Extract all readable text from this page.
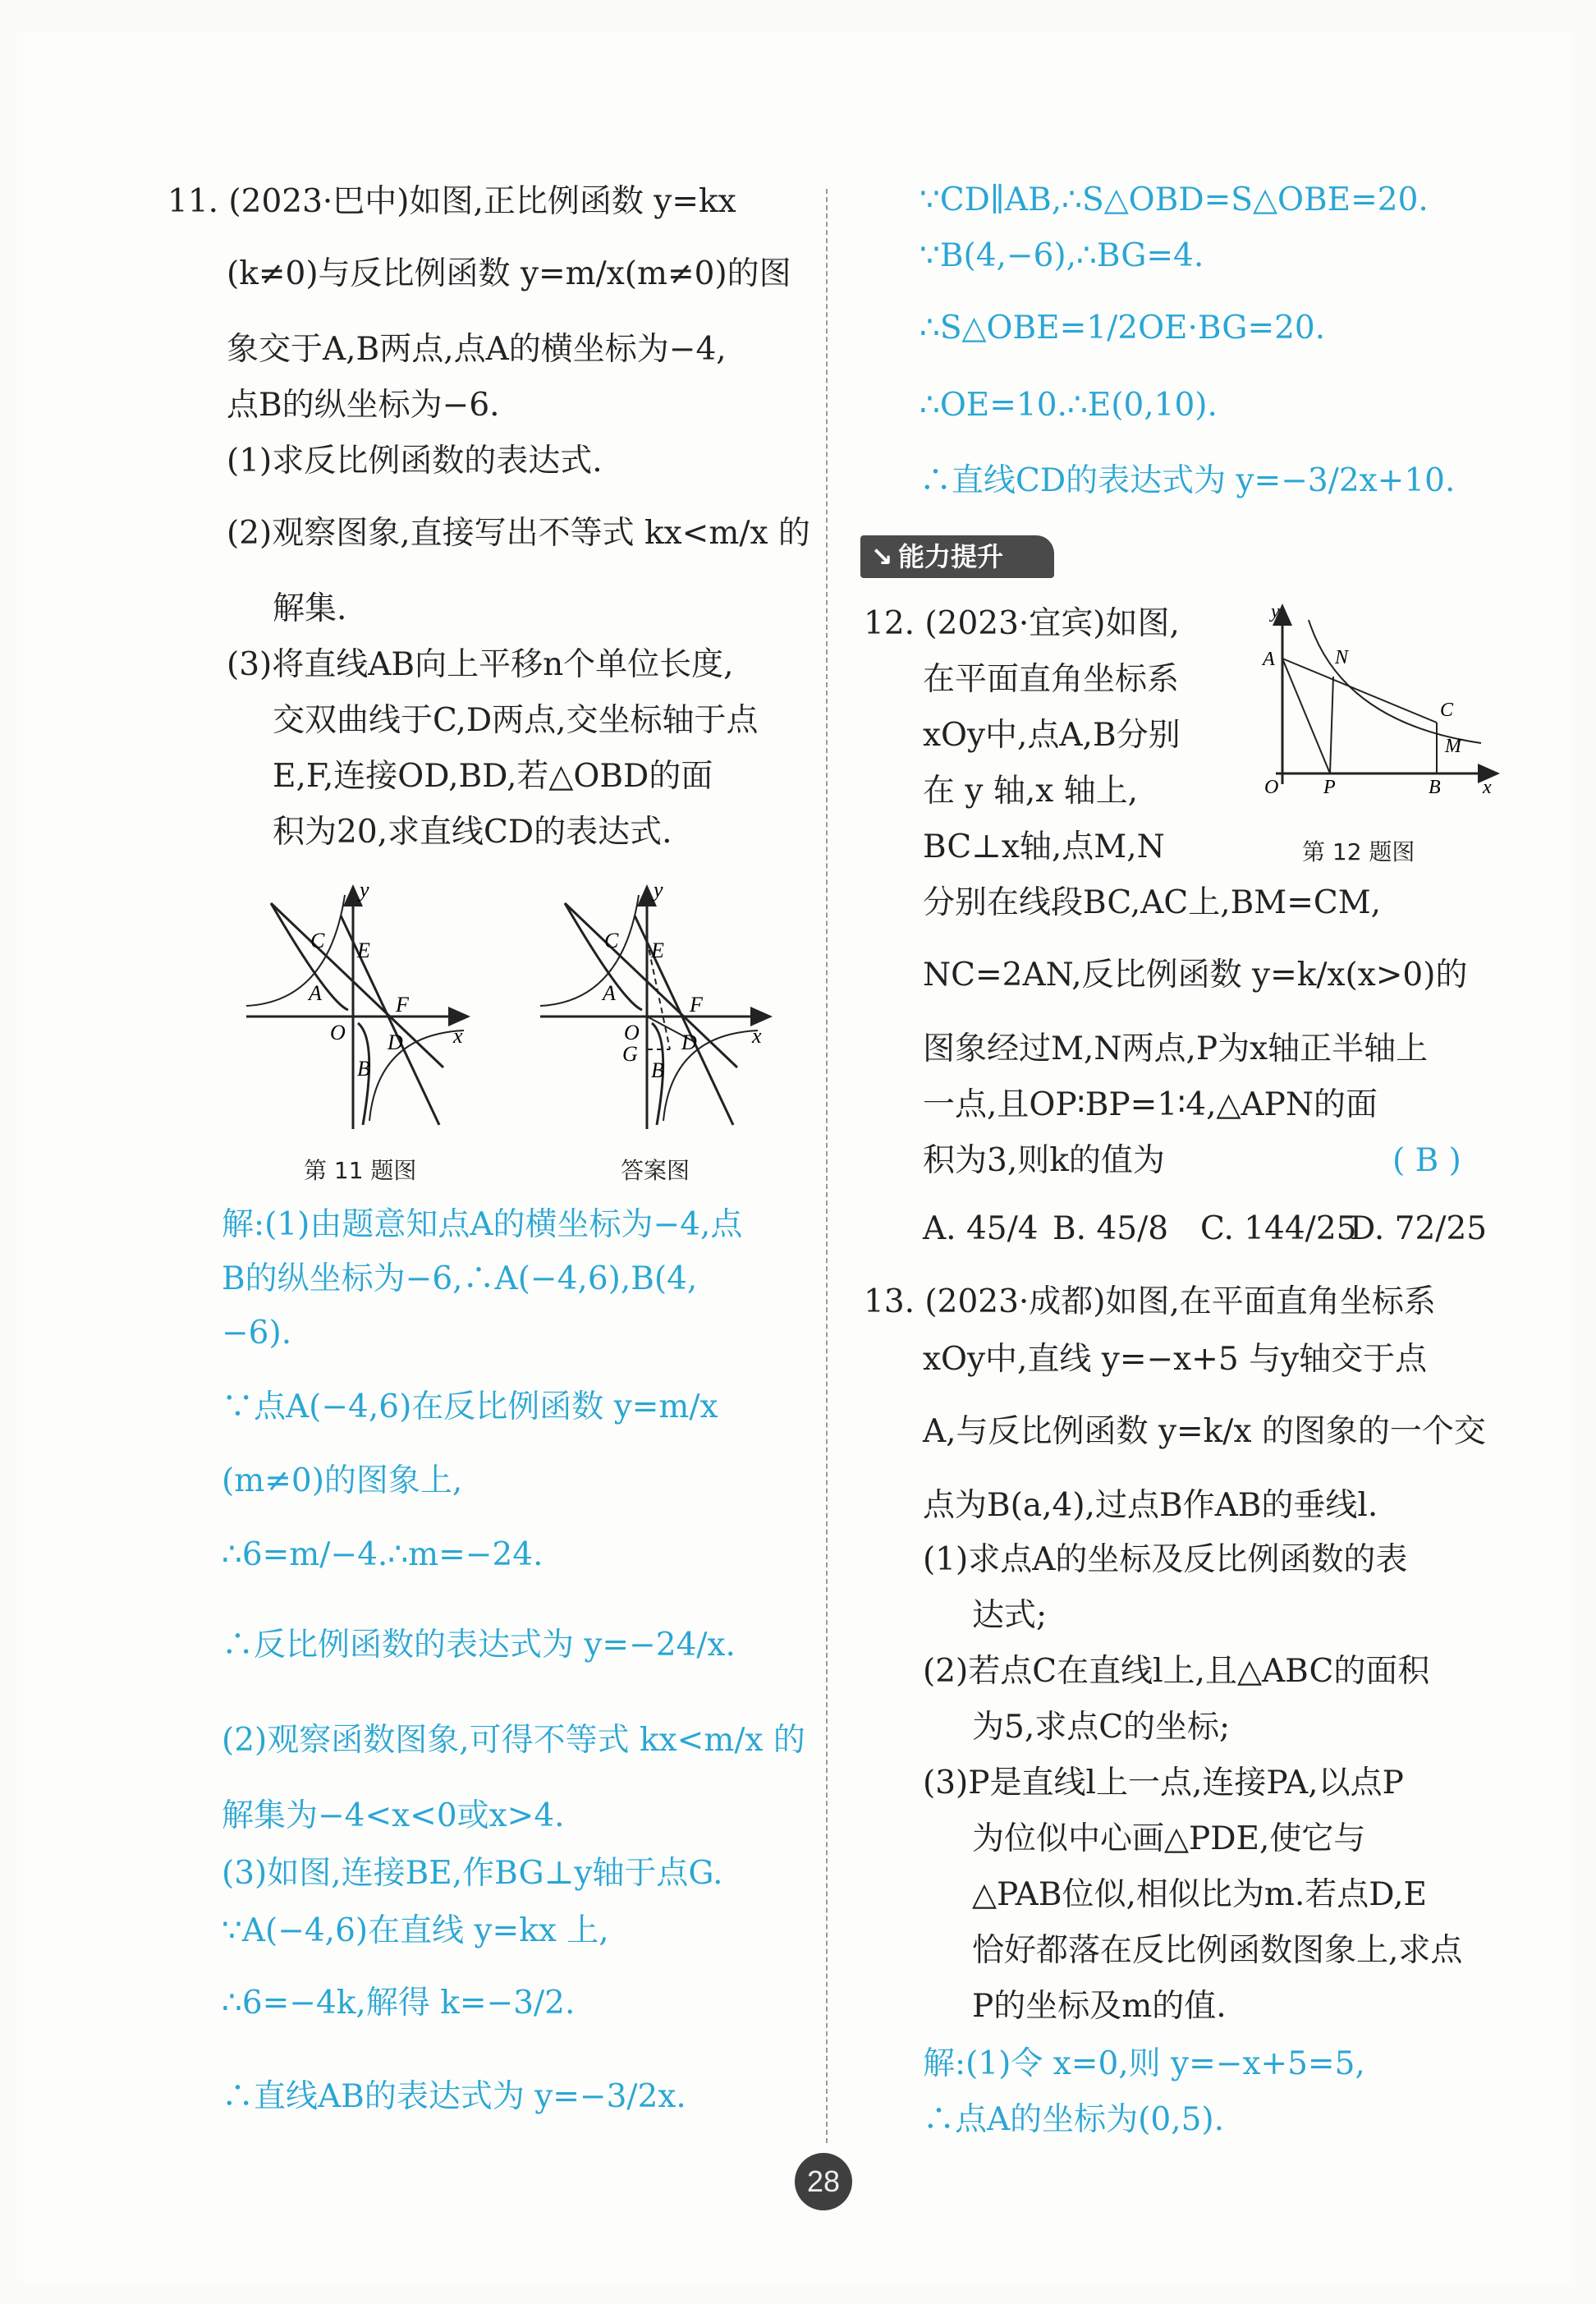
11. (2023·巴中)如图,正比例函数 y=kx
(k≠0)与反比例函数 y=m/x(m≠0)的图
象交于A,B两点,点A的横坐标为−4,
点B的纵坐标为−6.
(1)求反比例函数的表达式.
(2)观察图象,直接写出不等式 kx<m/x 的
解集.
(3)将直线AB向上平移n个单位长度,
交双曲线于C,D两点,交坐标轴于点
E,F,连接OD,BD,若△OBD的面
积为20,求直线CD的表达式.
y
x
O
A
B
C
D
E
F
y
x
O
A
B
C
D
E
F
G
第 11 题图	答案图
解:(1)由题意知点A的横坐标为−4,点
B的纵坐标为−6,∴A(−4,6),B(4,
−6).
∵点A(−4,6)在反比例函数 y=m/x
(m≠0)的图象上,
∴6=m/−4.∴m=−24.
∴反比例函数的表达式为 y=−24/x.
(2)观察函数图象,可得不等式 kx<m/x 的
解集为−4<x<0或x>4.
(3)如图,连接BE,作BG⊥y轴于点G.
∵A(−4,6)在直线 y=kx 上,
∴6=−4k,解得 k=−3/2.
∴直线AB的表达式为 y=−3/2x.
∵CD∥AB,∴S△OBD=S△OBE=20.
∵B(4,−6),∴BG=4.
∴S△OBE=1/2OE·BG=20.
∴OE=10.∴E(0,10).
∴直线CD的表达式为 y=−3/2x+10.
↘ 能力提升
12. (2023·宜宾)如图,
在平面直角坐标系
xOy中,点A,B分别
在 y 轴,x 轴上,
BC⊥x轴,点M,N
分别在线段BC,AC上,BM=CM,
NC=2AN,反比例函数 y=k/x(x>0)的
图象经过M,N两点,P为x轴正半轴上
一点,且OP∶BP=1∶4,△APN的面
积为3,则k的值为	( B )
y
x
O
A	N
C
M
P	B
第 12 题图
A. 45/4 B. 45/8 C. 144/25
D. 72/25
13. (2023·成都)如图,在平面直角坐标系
xOy中,直线 y=−x+5 与y轴交于点
A,与反比例函数 y=k/x 的图象的一个交
点为B(a,4),过点B作AB的垂线l.
(1)求点A的坐标及反比例函数的表
达式;
(2)若点C在直线l上,且△ABC的面积
为5,求点C的坐标;
(3)P是直线l上一点,连接PA,以点P
为位似中心画△PDE,使它与
△PAB位似,相似比为m.若点D,E
恰好都落在反比例函数图象上,求点
P的坐标及m的值.
解:(1)令 x=0,则 y=−x+5=5,
∴点A的坐标为(0,5).
28
